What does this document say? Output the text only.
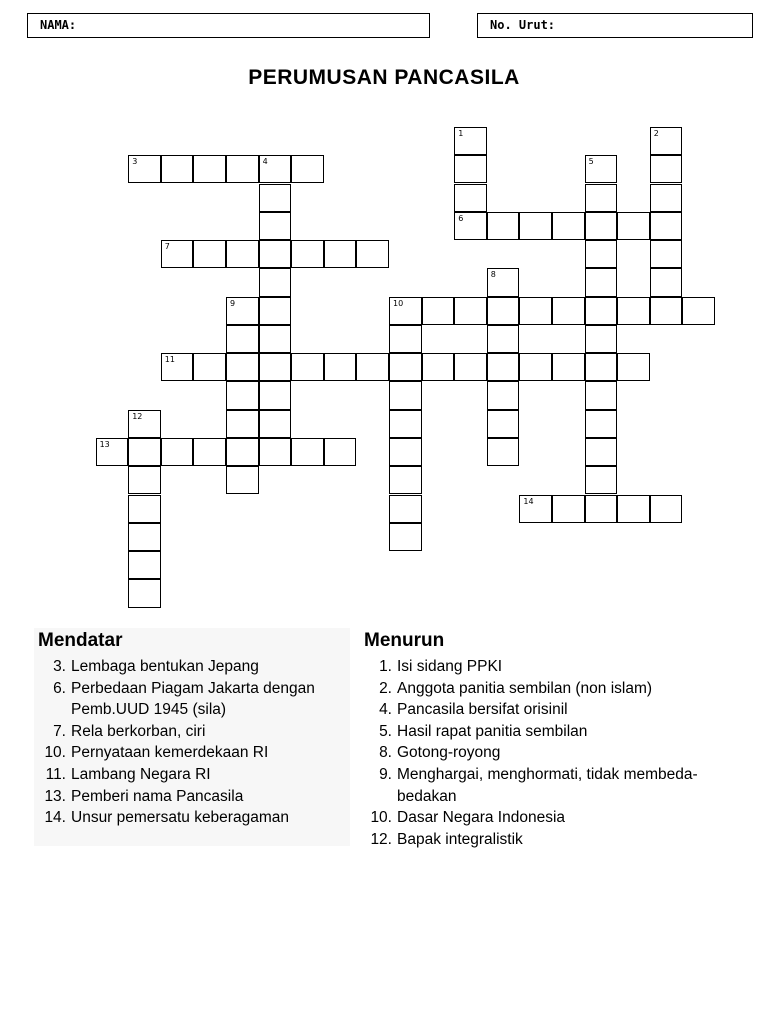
NAMA:	No. Urut:
PERUMUSAN PANCASILA
1
6
2
3	4	5
7
8
9	10
11
12
13
14
Mendatar
3. Lembaga bentukan Jepang
6. Perbedaan Piagam Jakarta dengan Pemb.UUD 1945 (sila)
7. Rela berkorban, ciri
10. Pernyataan kemerdekaan RI
11. Lambang Negara RI
13. Pemberi nama Pancasila
14. Unsur pemersatu keberagaman
Menurun
1. Isi sidang PPKI
2. Anggota panitia sembilan (non islam)
4. Pancasila bersifat orisinil
5. Hasil rapat panitia sembilan
8. Gotong-royong
9. Menghargai, menghormati, tidak membeda-bedakan
10. Dasar Negara Indonesia
12. Bapak integralistik
